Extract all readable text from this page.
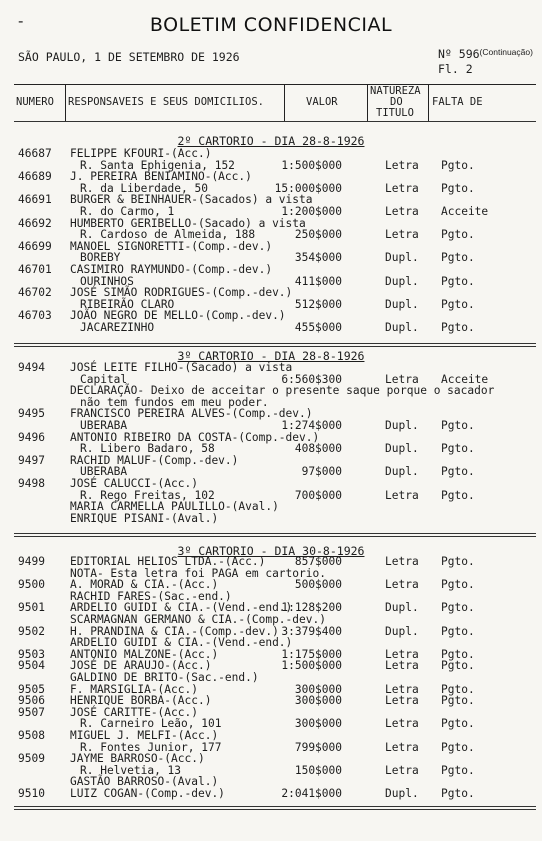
-	BOLETIM CONFIDENCIAL
SÃO PAULO, 1 DE SETEMBRO DE 1926	Nº $596^{(Continuação)}$
Fl. 2
NUMERO RESPONSAVEIS E SEUS DOMICILIOS.	VALOR
NATUREZA
DO
TITULO
FALTA DE
2º CARTORIO - DIA 28-8-1926
46687 FELIPPE KFOURI-(Acc.)
R. Santa Ephigenia, 152	1:500$000	Letra Pgto.
46689 J. PEREIRA BENIAMINO-(Acc.)
R. da Liberdade, 50	15:000$000	Letra Pgto.
46691 BURGER & BEINHAUER-(Sacados) a vista
R. do Carmo, 1	1:200$000	Letra Acceite
46692 HUMBERTO GERIBELLO-(Sacado) a vista
R. Cardoso de Almeida, 188	250$000	Letra Pgto.
46699 MANOEL SIGNORETTI-(Comp.-dev.)
BOREBY	354$000	Dupl. Pgto.
46701 CASIMIRO RAYMUNDO-(Comp.-dev.)
OURINHOS	411$000	Dupl. Pgto.
46702 JOSÉ SIMÃO RODRIGUES-(Comp.-dev.)
RIBEIRÃO CLARO	512$000	Dupl. Pgto.
46703 JOÃO NEGRO DE MELLO-(Comp.-dev.)
JACAREZINHO	455$000	Dupl. Pgto.
3º CARTORIO - DIA 28-8-1926
9494 JOSÉ LEITE FILHO-(Sacado) a vista
Capital	6:560$300	Letra Acceite
DECLARAÇÃO- Deixo de acceitar o presente saque porque o sacador
não tem fundos em meu poder.
9495 FRANCISCO PEREIRA ALVES-(Comp.-dev.)
UBERABA	1:274$000	Dupl. Pgto.
9496 ANTONIO RIBEIRO DA COSTA-(Comp.-dev.)
R. Libero Badaro, 58	408$000	Dupl. Pgto.
9497 RACHID MALUF-(Comp.-dev.)
UBERABA	97$000	Dupl. Pgto.
9498 JOSÉ CALUCCI-(Acc.)
R. Rego Freitas, 102	700$000	Letra Pgto.
MARIA CARMELLA PAULILLO-(Aval.)
ENRIQUE PISANI-(Aval.)
3º CARTORIO - DIA 30-8-1926
9499 EDITORIAL HELIOS LTDA.-(Acc.)	857$000	Letra Pgto.
NOTA- Esta letra foi PAGA em cartorio.
9500 A. MORAD & CIA.-(Acc.)	500$000	Letra Pgto.
RACHID FARES-(Sac.-end.)
9501 ARDELIO GUIDI & CIA.-(Vend.-end.)
1:128$200	Dupl. Pgto.
SCARMAGNAN GERMANO & CIA.-(Comp.-dev.)
9502 H. PRANDINA & CIA.-(Comp.-dev.) 3:379$400	Dupl. Pgto.
ARDELIO GUIDI & CIA.-(Vend.-end.)
9503 ANTONIO MALZONE-(Acc.)	1:175$000	Letra Pgto.
9504 JOSÉ DE ARAUJO-(Acc.)	1:500$000	Letra Pgto.
GALDINO DE BRITO-(Sac.-end.)
9505 F. MARSIGLIA-(Acc.)	300$000	Letra Pgto.
9506 HENRIQUE BORBA-(Acc.)	300$000	Letra Pgto.
9507 JOSÉ CARITTE-(Acc.)
R. Carneiro Leão, 101	300$000	Letra Pgto.
9508 MIGUEL J. MELFI-(Acc.)
R. Fontes Junior, 177	799$000	Letra Pgto.
9509 JAYME BARROSO-(Acc.)
R. Helvetia, 13	150$000	Letra Pgto.
GASTÃO BARROSO-(Aval.)
9510 LUIZ COGAN-(Comp.-dev.)	2:041$000	Dupl. Pgto.
